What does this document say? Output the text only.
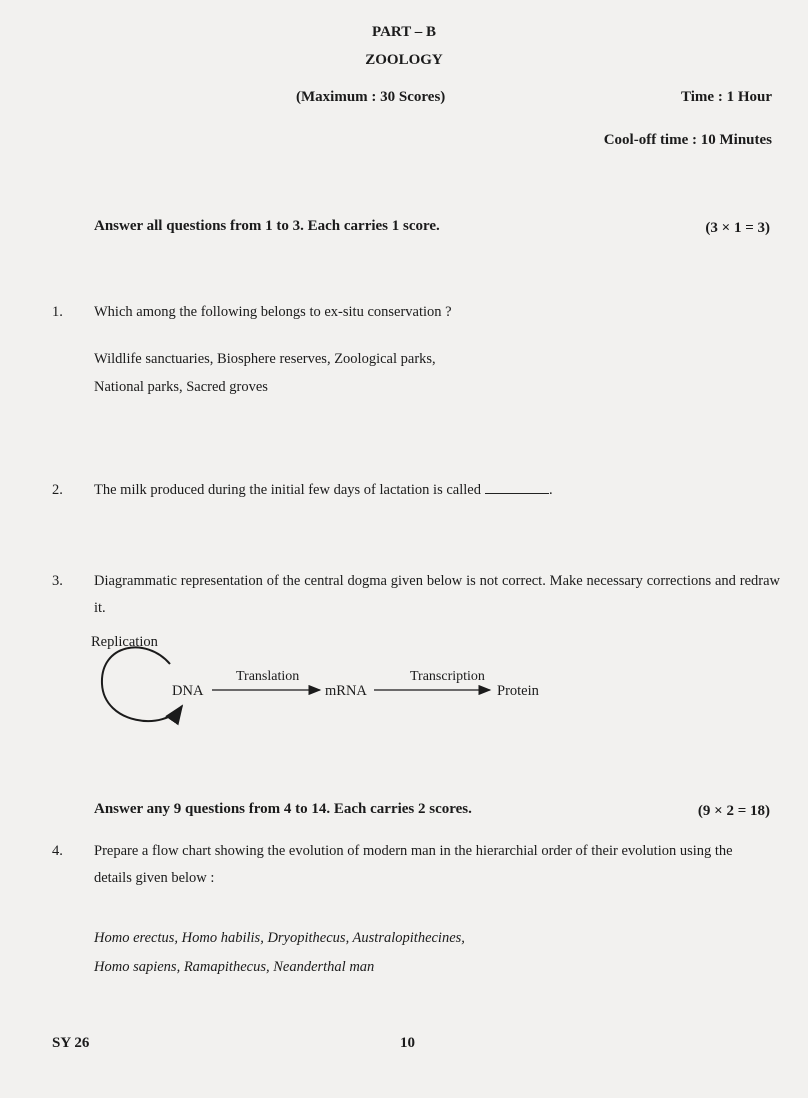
PART – B
ZOOLOGY
(Maximum : 30 Scores)	Time : 1 Hour
Cool-off time : 10 Minutes
Answer all questions from 1 to 3. Each carries 1 score.	(3 × 1 = 3)
1. Which among the following belongs to ex-situ conservation ?
Wildlife sanctuaries, Biosphere reserves, Zoological parks,
National parks, Sacred groves
2. The milk produced during the initial few days of lactation is called	.
3. Diagrammatic representation of the central dogma given below is not correct. Make necessary corrections and redraw it.
Replication
DNA
Translation
mRNA
Transcription
Protein
Answer any 9 questions from 4 to 14. Each carries 2 scores.	(9 × 2 = 18)
4. Prepare a flow chart showing the evolution of modern man in the hierarchial order of their evolution using the details given below :
Homo erectus, Homo habilis, Dryopithecus, Australopithecines,
Homo sapiens, Ramapithecus, Neanderthal man
SY 26	10
